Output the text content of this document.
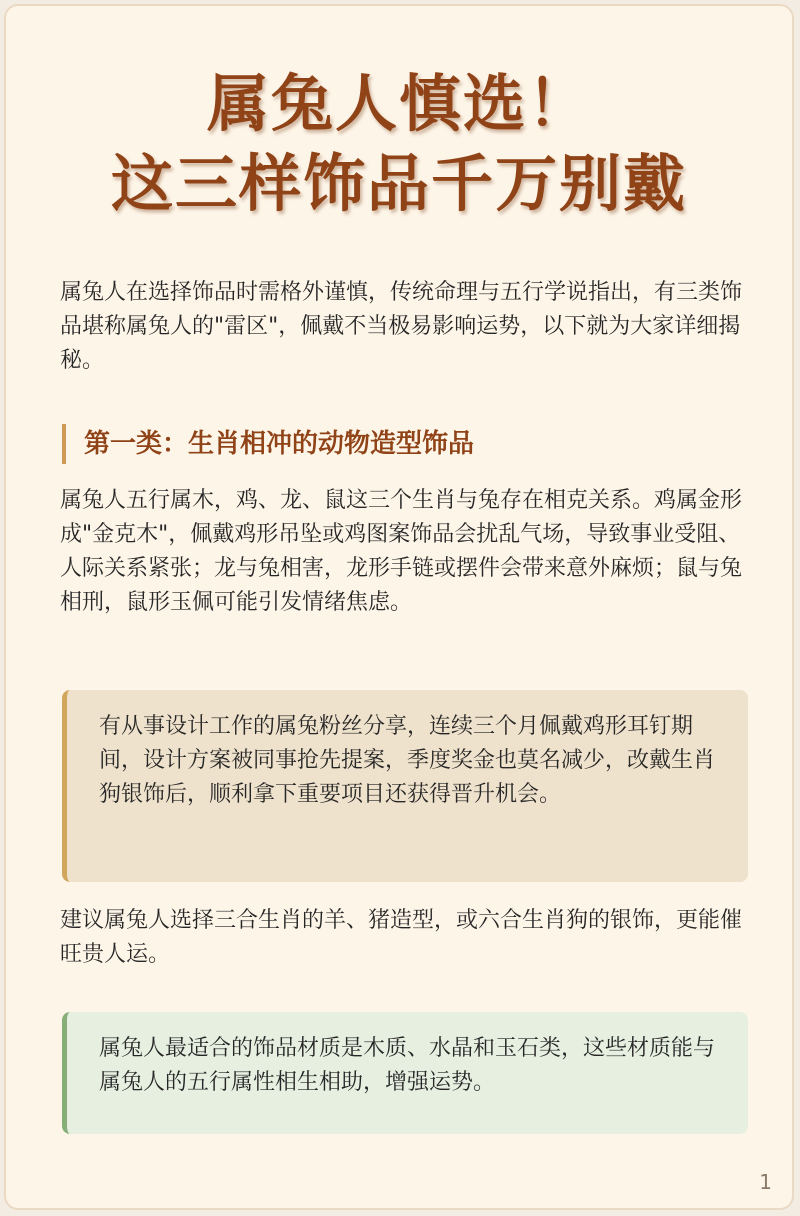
属兔人慎选！
这三样饰品千万别戴

属兔人在选择饰品时需格外谨慎，传统命理与五行学说指出，有三类饰品堪称属兔人的"雷区"，佩戴不当极易影响运势，以下就为大家详细揭秘。

第一类：生肖相冲的动物造型饰品

属兔人五行属木，鸡、龙、鼠这三个生肖与兔存在相克关系。鸡属金形成"金克木"，佩戴鸡形吊坠或鸡图案饰品会扰乱气场，导致事业受阻、人际关系紧张；龙与兔相害，龙形手链或摆件会带来意外麻烦；鼠与兔相刑，鼠形玉佩可能引发情绪焦虑。

有从事设计工作的属兔粉丝分享，连续三个月佩戴鸡形耳钉期间，设计方案被同事抢先提案，季度奖金也莫名减少，改戴生肖狗银饰后，顺利拿下重要项目还获得晋升机会。

建议属兔人选择三合生肖的羊、猪造型，或六合生肖狗的银饰，更能催旺贵人运。

属兔人最适合的饰品材质是木质、水晶和玉石类，这些材质能与属兔人的五行属性相生相助，增强运势。
1
